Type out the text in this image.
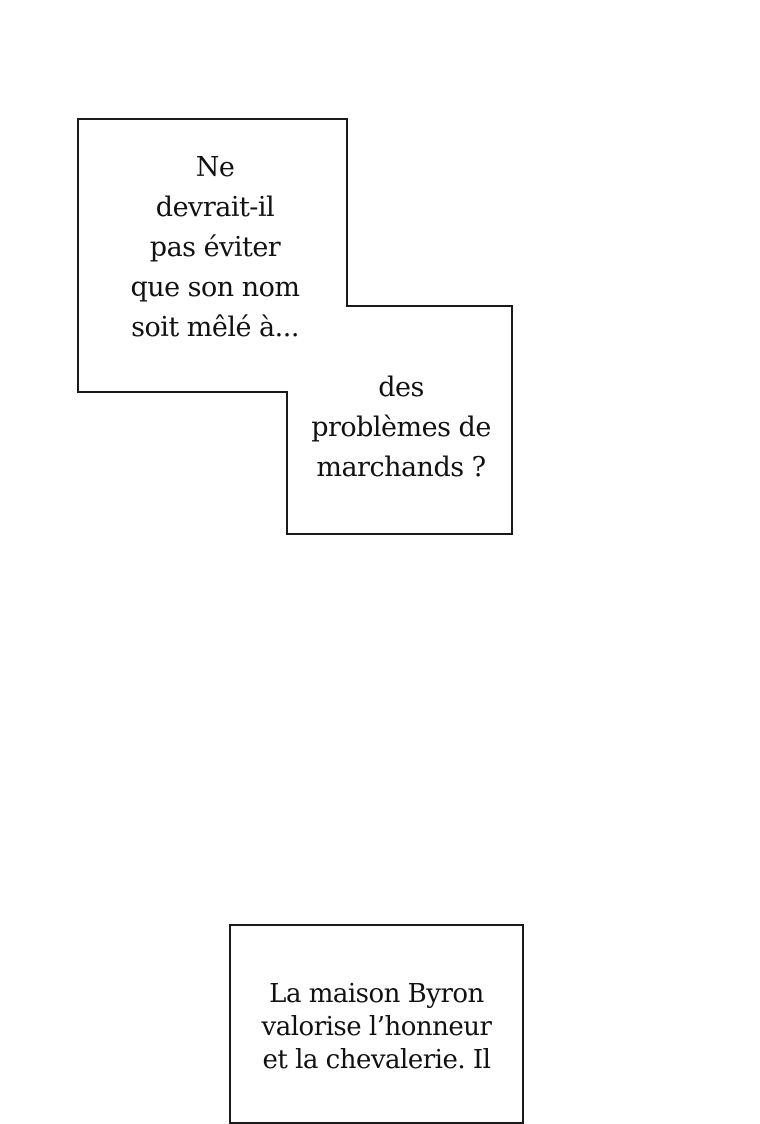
Ne
devrait-il
pas éviter
que son nom
soit mêlé à...
des
problèmes de
marchands ?
La maison Byron
valorise l’honneur
et la chevalerie. Il
